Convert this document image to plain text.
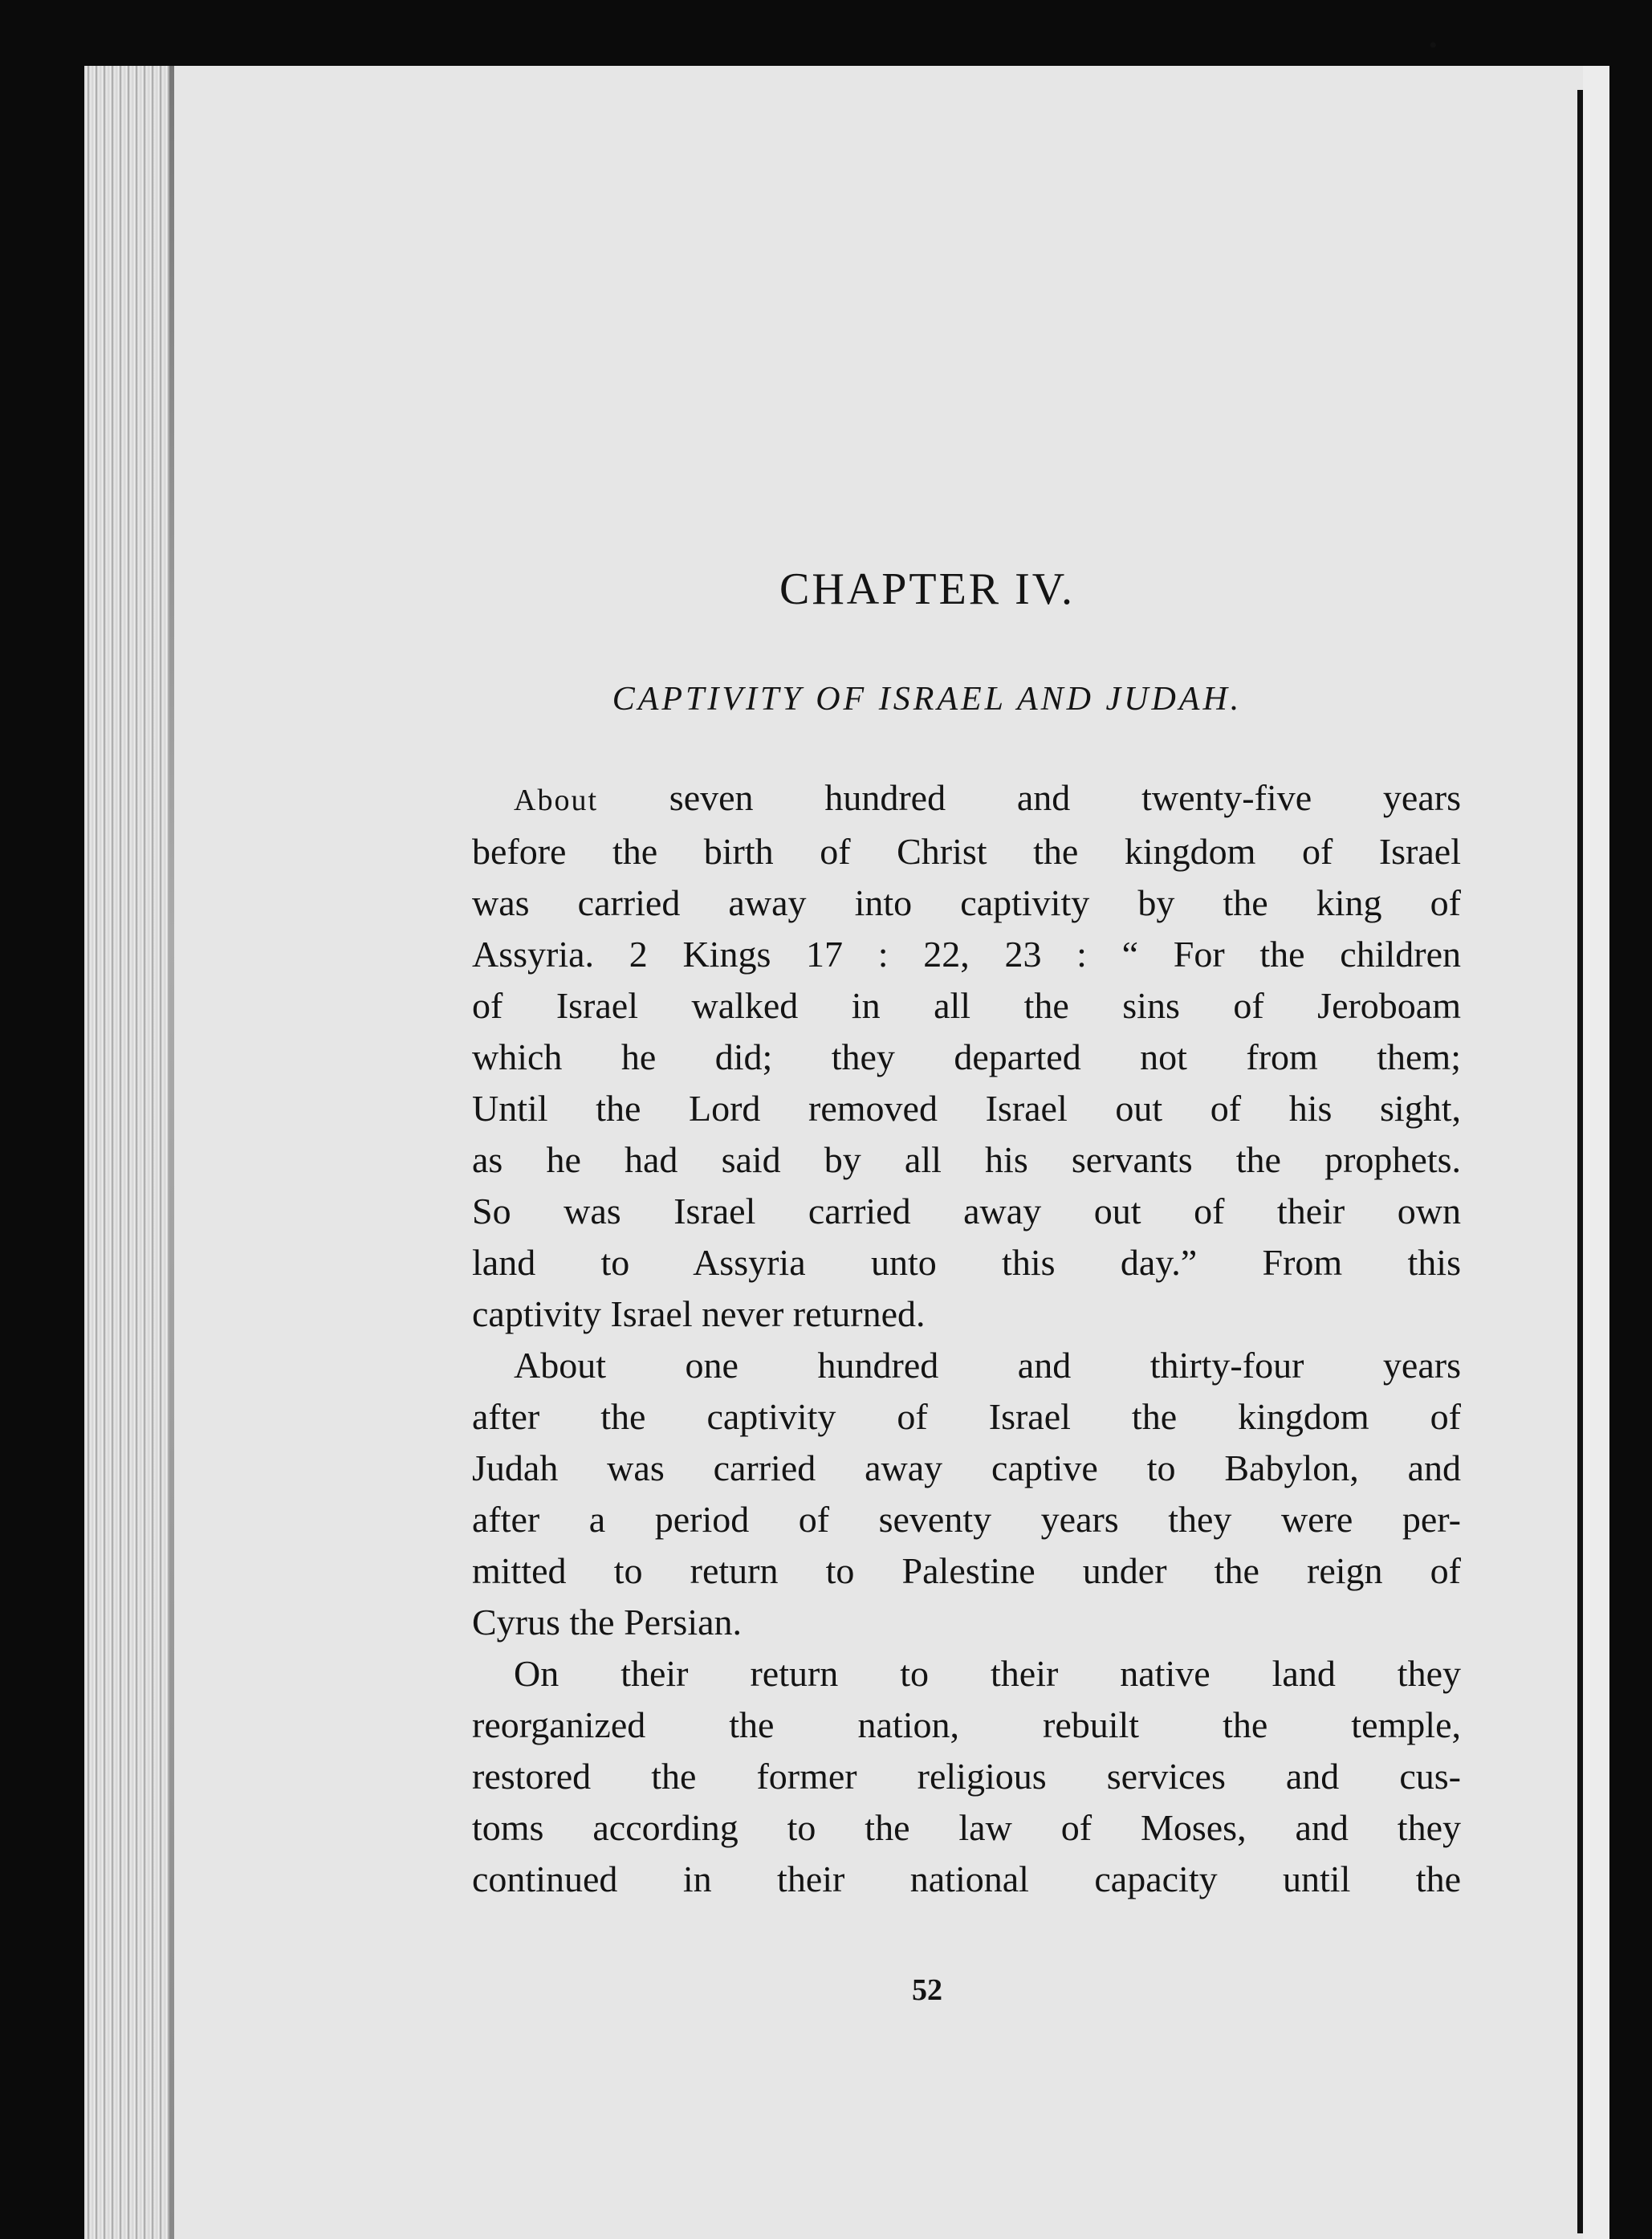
CHAPTER IV.
CAPTIVITY OF ISRAEL AND JUDAH.
About seven hundred and twenty-five years
before the birth of Christ the kingdom of Israel
was carried away into captivity by the king of
Assyria. 2 Kings 17 : 22, 23 : “ For the children
of Israel walked in all the sins of Jeroboam
which he did; they departed not from them;
Until the Lord removed Israel out of his sight,
as he had said by all his servants the prophets.
So was Israel carried away out of their own
land to Assyria unto this day.” From this
captivity Israel never returned.
About one hundred and thirty-four years
after the captivity of Israel the kingdom of
Judah was carried away captive to Babylon, and
after a period of seventy years they were per-
mitted to return to Palestine under the reign of
Cyrus the Persian.
On their return to their native land they
reorganized the nation, rebuilt the temple,
restored the former religious services and cus-
toms according to the law of Moses, and they
continued in their national capacity until the
52
•
